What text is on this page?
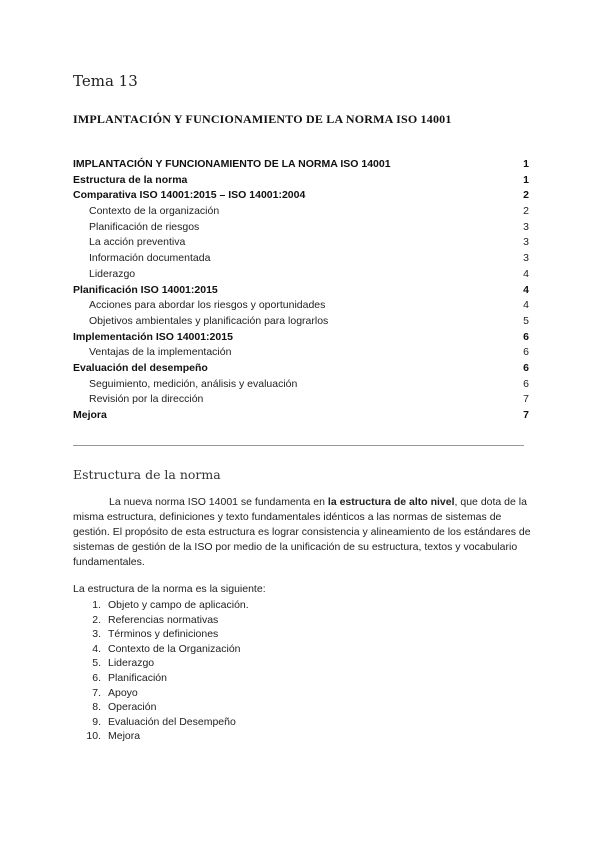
Tema 13
IMPLANTACIÓN Y FUNCIONAMIENTO DE LA NORMA ISO 14001
IMPLANTACIÓN Y FUNCIONAMIENTO DE LA NORMA ISO 14001	1
Estructura de la norma	1
Comparativa ISO 14001:2015 – ISO 14001:2004	2
Contexto de la organización	2
Planificación de riesgos	3
La acción preventiva	3
Información documentada	3
Liderazgo	4
Planificación ISO 14001:2015	4
Acciones para abordar los riesgos y oportunidades	4
Objetivos ambientales y planificación para lograrlos	5
Implementación ISO 14001:2015	6
Ventajas de la implementación	6
Evaluación del desempeño	6
Seguimiento, medición, análisis y evaluación	6
Revisión por la dirección	7
Mejora	7
Estructura de la norma

La nueva norma ISO 14001 se fundamenta en la estructura de alto nivel, que dota de la misma estructura, definiciones y texto fundamentales idénticos a las normas de sistemas de gestión. El propósito de esta estructura es lograr consistencia y alineamiento de los estándares de sistemas de gestión de la ISO por medio de la unificación de su estructura, textos y vocabulario fundamentales.

La estructura de la norma es la siguiente:
1. Objeto y campo de aplicación.
2. Referencias normativas
3. Términos y definiciones
4. Contexto de la Organización
5. Liderazgo
6. Planificación
7. Apoyo
8. Operación
9. Evaluación del Desempeño
10. Mejora
